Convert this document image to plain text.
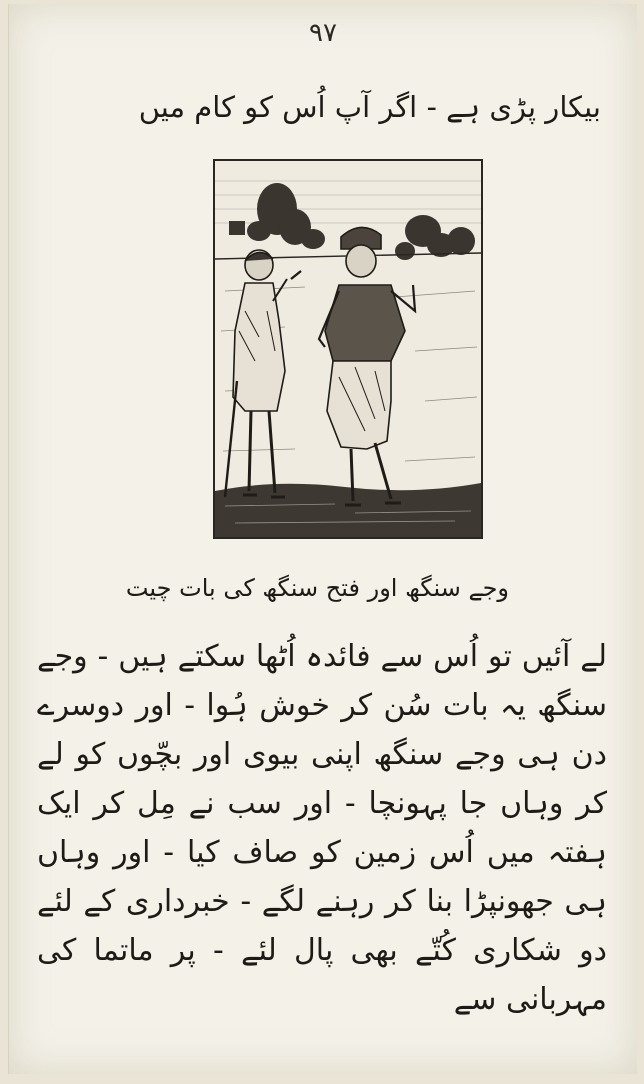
۹۷
بیکار پڑی ہے - اگر آپ اُس کو کام میں
وجے سنگھ اور فتح سنگھ کی بات چیت

لے آئیں تو اُس سے فائدہ اُٹھا سکتے ہیں - وجے سنگھ یہ بات سُن کر خوش ہُوا - اور دوسرے دن ہی وجے سنگھ اپنی بیوی اور بچّوں کو لے کر وہاں جا پہونچا - اور سب نے مِل کر ایک ہفتہ میں اُس زمین کو صاف کیا - اور وہاں ہی جھونپڑا بنا کر رہنے لگے - خبرداری کے لئے دو شکاری کُتّے بھی پال لئے - پر ماتما کی مہربانی سے
